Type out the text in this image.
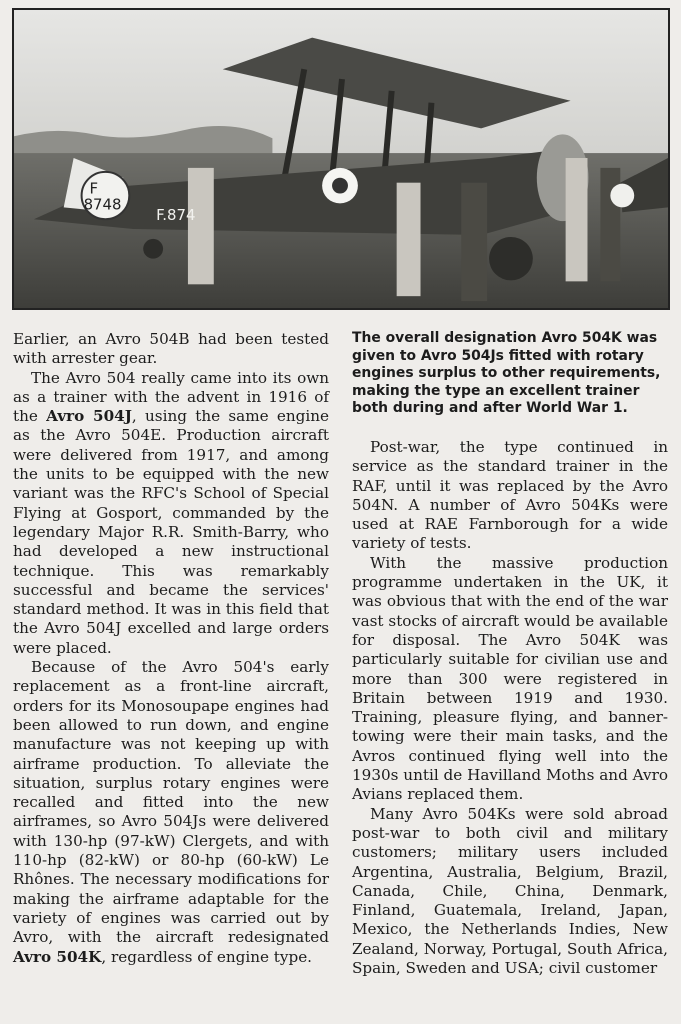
F
8748
F.874

Earlier, an Avro 504B had been tested with arrester gear.

The Avro 504 really came into its own as a trainer with the advent in 1916 of the Avro 504J, using the same engine as the Avro 504E. Production aircraft were delivered from 1917, and among the units to be equipped with the new variant was the RFC's School of Special Flying at Gosport, commanded by the legendary Major R.R. Smith-Barry, who had developed a new instructional technique. This was remarkably successful and became the services' standard method. It was in this field that the Avro 504J excelled and large orders were placed.

Because of the Avro 504's early replacement as a front-line aircraft, orders for its Monosoupape engines had been allowed to run down, and engine manufacture was not keeping up with airframe production. To alleviate the situation, surplus rotary engines were recalled and fitted into the new airframes, so Avro 504Js were delivered with 130-hp (97-kW) Clergets, and with 110-hp (82-kW) or 80-hp (60-kW) Le Rhônes. The necessary modifications for making the airframe adaptable for the variety of engines was carried out by Avro, with the aircraft redesignated Avro 504K, regardless of engine type.

The overall designation Avro 504K was given to Avro 504Js fitted with rotary engines surplus to other requirements, making the type an excellent trainer both during and after World War 1.

Post-war, the type continued in service as the standard trainer in the RAF, until it was replaced by the Avro 504N. A number of Avro 504Ks were used at RAE Farnborough for a wide variety of tests.

With the massive production programme undertaken in the UK, it was obvious that with the end of the war vast stocks of aircraft would be available for disposal. The Avro 504K was particularly suitable for civilian use and more than 300 were registered in Britain between 1919 and 1930. Training, pleasure flying, and banner-towing were their main tasks, and the Avros continued flying well into the 1930s until de Havilland Moths and Avro Avians replaced them.

Many Avro 504Ks were sold abroad post-war to both civil and military customers; military users included Argentina, Australia, Belgium, Brazil, Canada, Chile, China, Denmark, Finland, Guatemala, Ireland, Japan, Mexico, the Netherlands Indies, New Zealand, Norway, Portugal, South Africa, Spain, Sweden and USA; civil customer
